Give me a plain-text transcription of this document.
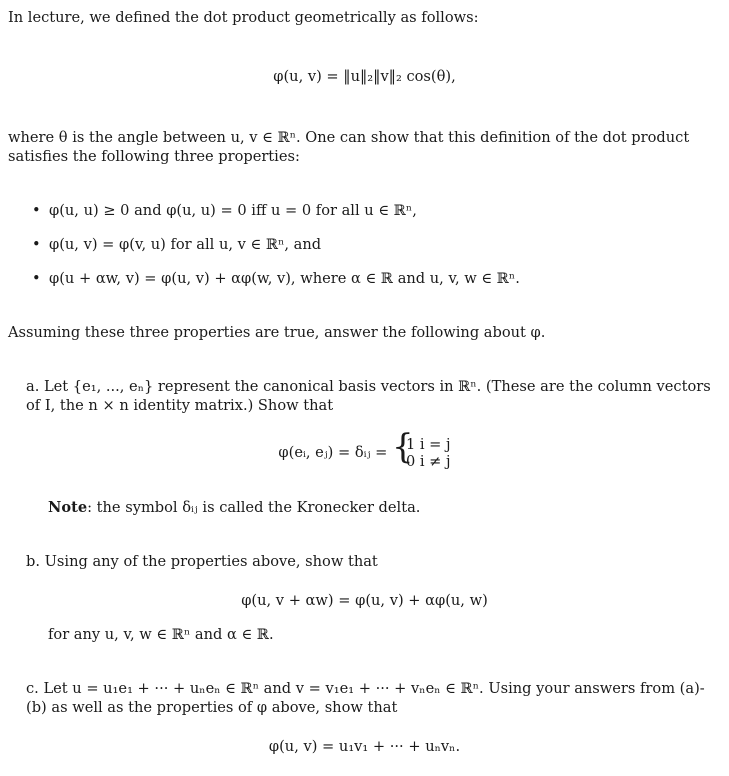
In lecture, we defined the dot product geometrically as follows:
φ(u, v) = ‖u‖₂‖v‖₂ cos(θ),
where θ is the angle between u, v ∈ ℝⁿ. One can show that this definition of the dot product satisfies the following three properties:
• φ(u, u) ≥ 0 and φ(u, u) = 0 iff u = 0 for all u ∈ ℝⁿ,
• φ(u, v) = φ(v, u) for all u, v ∈ ℝⁿ, and
• φ(u + αw, v) = φ(u, v) + αφ(w, v), where α ∈ ℝ and u, v, w ∈ ℝⁿ.
Assuming these three properties are true, answer the following about φ.
a. Let {e₁, ..., eₙ} represent the canonical basis vectors in ℝⁿ. (These are the column vectors of I, the n × n identity matrix.) Show that
φ(eᵢ, eⱼ) = δᵢⱼ = {
1 i = j
0 i ≠ j
Note: the symbol δᵢⱼ is called the Kronecker delta.
b. Using any of the properties above, show that
φ(u, v + αw) = φ(u, v) + αφ(u, w)
for any u, v, w ∈ ℝⁿ and α ∈ ℝ.
c. Let u = u₁e₁ + ··· + uₙeₙ ∈ ℝⁿ and v = v₁e₁ + ··· + vₙeₙ ∈ ℝⁿ. Using your answers from (a)-(b) as well as the properties of φ above, show that
φ(u, v) = u₁v₁ + ··· + uₙvₙ.
